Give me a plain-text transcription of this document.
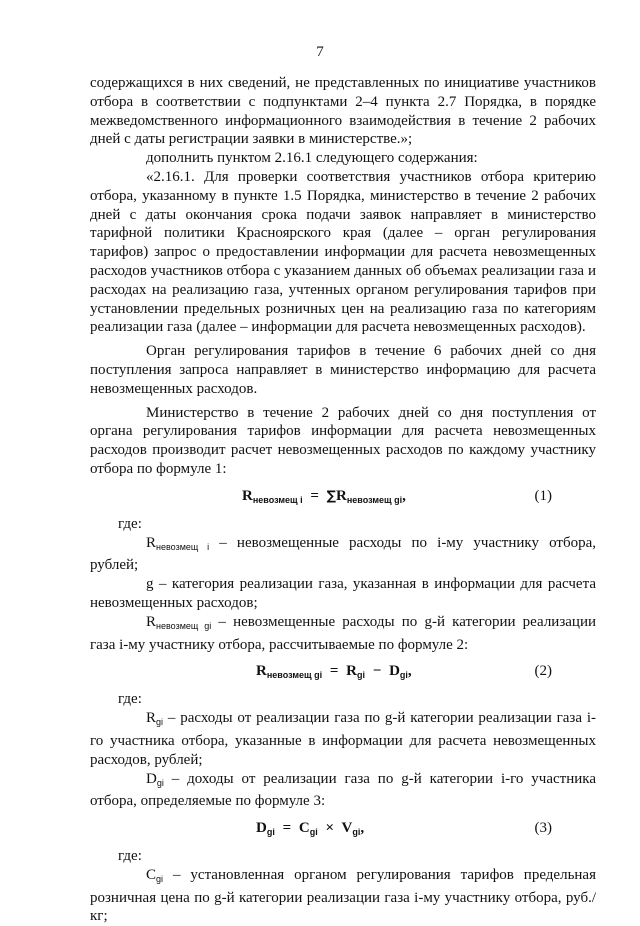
7

содержащихся в них сведений, не представленных по инициативе участников отбора в соответствии с подпунктами 2–4 пункта 2.7 Порядка, в порядке межведомственного информационного взаимодействия в течение 2 рабочих дней с даты регистрации заявки в министерстве.»;

дополнить пунктом 2.16.1 следующего содержания:

«2.16.1. Для проверки соответствия участников отбора критерию отбора, указанному в пункте 1.5 Порядка, министерство в течение 2 рабочих дней с даты окончания срока подачи заявок направляет в министерство тарифной политики Красноярского края (далее – орган регулирования тарифов) запрос о предоставлении информации для расчета невозмещенных расходов участников отбора с указанием данных об объемах реализации газа и расходах на реализацию газа, учтенных органом регулирования тарифов при установлении предельных розничных цен на реализацию газа по категориям реализации газа (далее – информации для расчета невозмещенных расходов).

Орган регулирования тарифов в течение 6 рабочих дней со дня поступления запроса направляет в министерство информацию для расчета невозмещенных расходов.

Министерство в течение 2 рабочих дней со дня поступления от органа регулирования тарифов информации для расчета невозмещенных расходов производит расчет невозмещенных расходов по каждому участнику отбора по формуле 1:

$R_{невозмещ i} = \sum R_{невозмещ gi}$,	(1)

где:

$R_{невозмещ i}$ – невозмещенные расходы по i-му участнику отбора, рублей;

g – категория реализации газа, указанная в информации для расчета невозмещенных расходов;

$R_{невозмещ gi}$ – невозмещенные расходы по g-й категории реализации газа i-му участнику отбора, рассчитываемые по формуле 2:

$R_{невозмещ gi} = R_{gi} - D_{gi}$,	(2)

где:

$R_{gi}$ – расходы от реализации газа по g-й категории реализации газа i-го участника отбора, указанные в информации для расчета невозмещенных расходов, рублей;

$D_{gi}$ – доходы от реализации газа по g-й категории i-го участника отбора, определяемые по формуле 3:

$D_{gi} = C_{gi} \times V_{gi}$,	(3)

где:

$C_{gi}$ – установленная органом регулирования тарифов предельная розничная цена по g-й категории реализации газа i-му участнику отбора, руб./кг;
